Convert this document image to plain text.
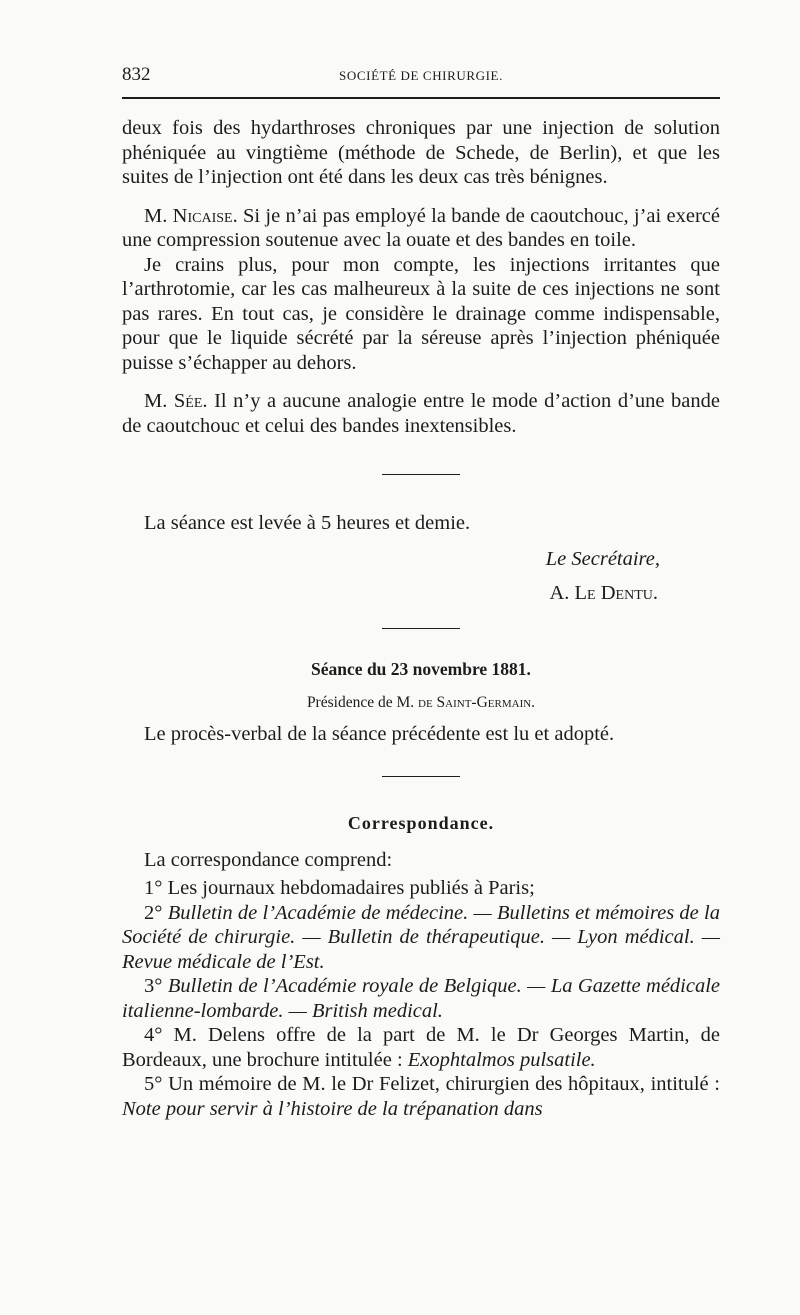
832	SOCIÉTÉ DE CHIRURGIE.

deux fois des hydarthroses chroniques par une injection de solution phéniquée au vingtième (méthode de Schede, de Berlin), et que les suites de l’injection ont été dans les deux cas très bénignes.

M. Nicaise. Si je n’ai pas employé la bande de caoutchouc, j’ai exercé une compression soutenue avec la ouate et des bandes en toile.

Je crains plus, pour mon compte, les injections irritantes que l’arthrotomie, car les cas malheureux à la suite de ces injections ne sont pas rares. En tout cas, je considère le drainage comme indispensable, pour que le liquide sécrété par la séreuse après l’injection phéniquée puisse s’échapper au dehors.

M. Sée. Il n’y a aucune analogie entre le mode d’action d’une bande de caoutchouc et celui des bandes inextensibles.

La séance est levée à 5 heures et demie.

Le Secrétaire,
A. Le Dentu.
Séance du 23 novembre 1881.
Présidence de M. de Saint-Germain.

Le procès-verbal de la séance précédente est lu et adopté.

Correspondance.

La correspondance comprend:

1° Les journaux hebdomadaires publiés à Paris;

2° Bulletin de l’Académie de médecine. — Bulletins et mémoires de la Société de chirurgie. — Bulletin de thérapeutique. — Lyon médical. — Revue médicale de l’Est.

3° Bulletin de l’Académie royale de Belgique. — La Gazette médicale italienne-lombarde. — British medical.

4° M. Delens offre de la part de M. le Dr Georges Martin, de Bordeaux, une brochure intitulée : Exophtalmos pulsatile.

5° Un mémoire de M. le Dr Felizet, chirurgien des hôpitaux, intitulé : Note pour servir à l’histoire de la trépanation dans
